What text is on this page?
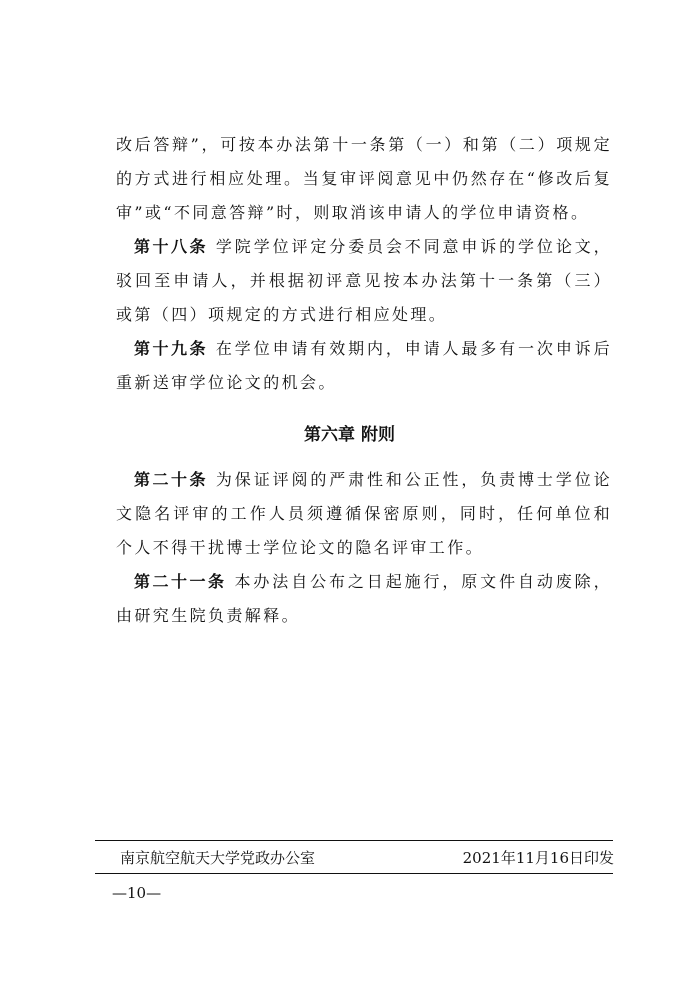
改后答辩”，可按本办法第十一条第（一）和第（二）项规定的方式进行相应处理。当复审评阅意见中仍然存在“修改后复审”或“不同意答辩”时，则取消该申请人的学位申请资格。

第十八条 学院学位评定分委员会不同意申诉的学位论文，驳回至申请人，并根据初评意见按本办法第十一条第（三）或第（四）项规定的方式进行相应处理。

第十九条 在学位申请有效期内，申请人最多有一次申诉后重新送审学位论文的机会。

第六章 附则

第二十条 为保证评阅的严肃性和公正性，负责博士学位论文隐名评审的工作人员须遵循保密原则，同时，任何单位和个人不得干扰博士学位论文的隐名评审工作。

第二十一条 本办法自公布之日起施行，原文件自动废除，由研究生院负责解释。

南京航空航天大学党政办公室	2021年11月16日印发
—10—
